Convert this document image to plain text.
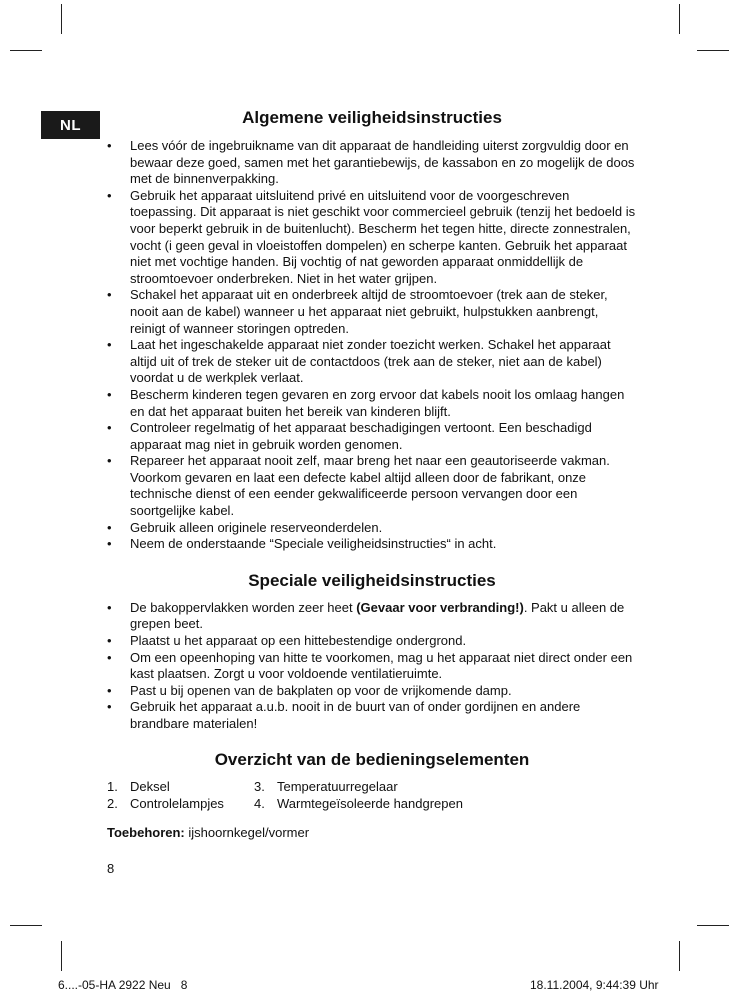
NL	Algemene veiligheidsinstructies
• Lees vóór de ingebruikname van dit apparaat de handleiding uiterst zorgvuldig door en bewaar deze goed, samen met het garantiebewijs, de kassabon en zo mogelijk de doos met de binnenverpakking.
• Gebruik het apparaat uitsluitend privé en uitsluitend voor de voorgeschreven toepassing. Dit apparaat is niet geschikt voor commercieel gebruik (tenzij het bedoeld is voor beperkt gebruik in de buitenlucht). Bescherm het tegen hitte, directe zonnestralen, vocht (i geen geval in vloeistoffen dompelen) en scherpe kanten. Gebruik het apparaat niet met vochtige handen. Bij vochtig of nat geworden apparaat onmiddellijk de stroomtoevoer onderbreken. Niet in het water grijpen.
• Schakel het apparaat uit en onderbreek altijd de stroomtoevoer (trek aan de steker, nooit aan de kabel) wanneer u het apparaat niet gebruikt, hulpstukken aanbrengt, reinigt of wanneer storingen optreden.
• Laat het ingeschakelde apparaat niet zonder toezicht werken. Schakel het apparaat altijd uit of trek de steker uit de contactdoos (trek aan de steker, niet aan de kabel) voordat u de werkplek verlaat.
• Bescherm kinderen tegen gevaren en zorg ervoor dat kabels nooit los omlaag hangen en dat het apparaat buiten het bereik van kinderen blijft.
• Controleer regelmatig of het apparaat beschadigingen vertoont. Een beschadigd apparaat mag niet in gebruik worden genomen.
• Repareer het apparaat nooit zelf, maar breng het naar een geautoriseerde vakman. Voorkom gevaren en laat een defecte kabel altijd alleen door de fabrikant, onze technische dienst of een eender gekwalificeerde persoon vervangen door een soortgelijke kabel.
• Gebruik alleen originele reserveonderdelen.
• Neem de onderstaande “Speciale veiligheidsinstructies“ in acht.
Speciale veiligheidsinstructies
• De bakoppervlakken worden zeer heet (Gevaar voor verbranding!). Pakt u alleen de grepen beet.
• Plaatst u het apparaat op een hittebestendige ondergrond.
• Om een opeenhoping van hitte te voorkomen, mag u het apparaat niet direct onder een kast plaatsen. Zorgt u voor voldoende ventilatieruimte.
• Past u bij openen van de bakplaten op voor de vrijkomende damp.
• Gebruik het apparaat a.u.b. nooit in de buurt van of onder gordijnen en andere brandbare materialen!
Overzicht van de bedieningselementen
1. Deksel	3. Temperatuurregelaar
2. Controlelampjes 4. Warmtegeïsoleerde handgrepen
Toebehoren: ijshoornkegel/vormer
8
6....-05-HA 2922 Neu   8	18.11.2004, 9:44:39 Uhr
